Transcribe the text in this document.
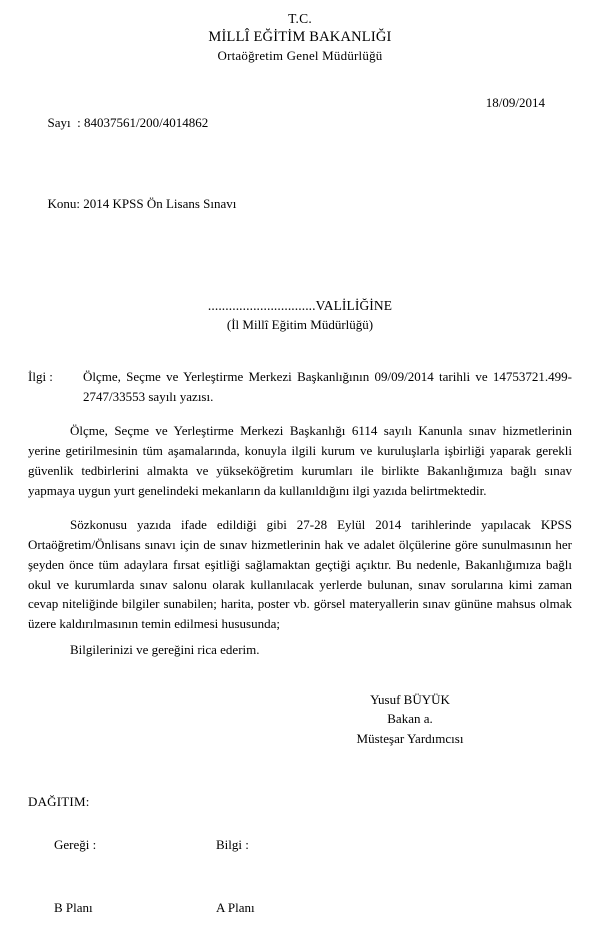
T.C.
MİLLÎ EĞİTİM BAKANLIĞI
Ortaöğretim Genel Müdürlüğü

Sayı  : 84037561/200/4014862

18/09/2014

Konu: 2014 KPSS Ön Lisans Sınavı

...............................VALİLİĞİNE
(İl Millî Eğitim Müdürlüğü)
İlgi : Ölçme, Seçme ve Yerleştirme Merkezi Başkanlığının 09/09/2014 tarihli ve 14753721.499-2747/33553 sayılı yazısı.

Ölçme, Seçme ve Yerleştirme Merkezi Başkanlığı 6114 sayılı Kanunla sınav hizmetlerinin yerine getirilmesinin tüm aşamalarında, konuyla ilgili kurum ve kuruluşlarla işbirliği yaparak gerekli güvenlik tedbirlerini almakta ve yükseköğretim kurumları ile birlikte Bakanlığımıza bağlı sınav yapmaya uygun yurt genelindeki mekanların da kullanıldığını ilgi yazıda belirtmektedir.

Sözkonusu yazıda ifade edildiği gibi 27-28 Eylül 2014 tarihlerinde yapılacak KPSS Ortaöğretim/Önlisans sınavı için de sınav hizmetlerinin hak ve adalet ölçülerine göre sunulmasının her şeyden önce tüm adaylara fırsat eşitliği sağlamaktan geçtiği açıktır. Bu nedenle, Bakanlığımıza bağlı okul ve kurumlarda sınav salonu olarak kullanılacak yerlerde bulunan, sınav sorularına kimi zaman cevap niteliğinde bilgiler sunabilen; harita, poster vb. görsel materyallerin sınav gününe mahsus olmak üzere kaldırılmasının temin edilmesi hususunda;

Bilgilerinizi ve gereğini rica ederim.

Yusuf BÜYÜK
Bakan a.
Müsteşar Yardımcısı
DAĞITIM:

Gereği :	Bilgi :

B Planı	A Planı
